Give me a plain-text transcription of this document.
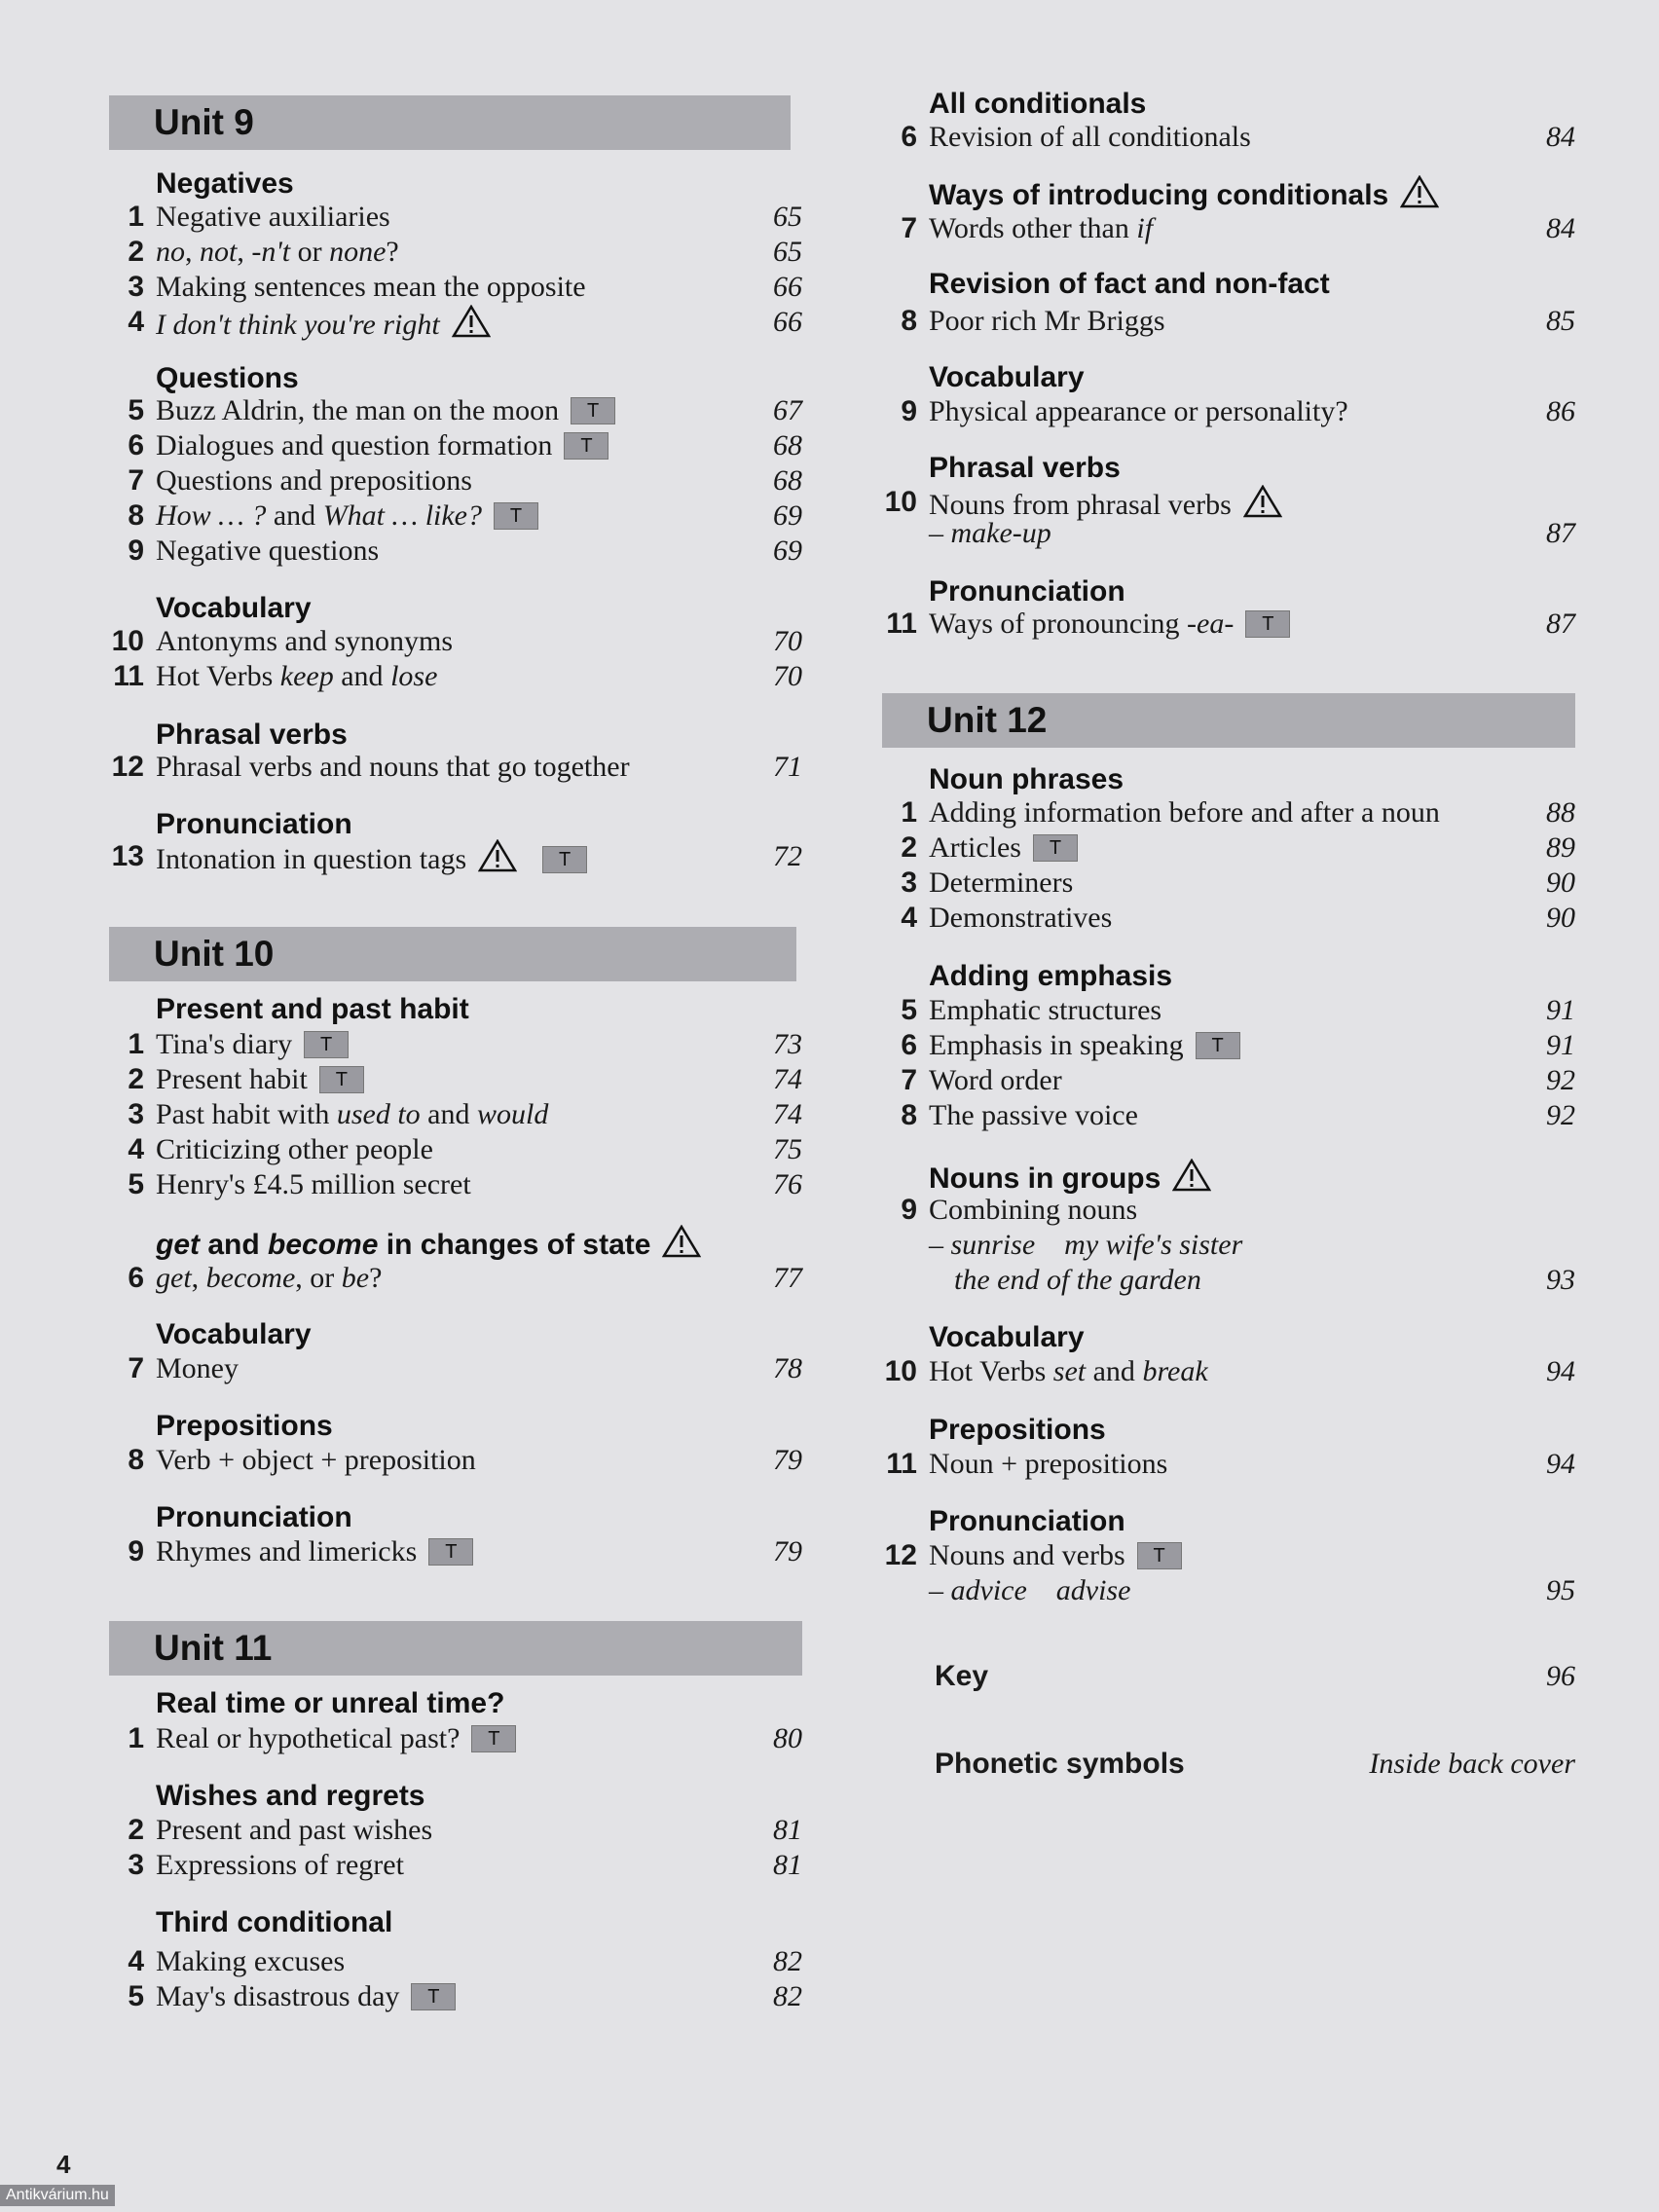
Unit 9
Negatives
1 Negative auxiliaries	65
2 no, not, -n't or none?	65
3 Making sentences mean the opposite	66
4 I don't think you're right	66
Questions
5 Buzz Aldrin, the man on the moon T	67
6 Dialogues and question formation T	68
7 Questions and prepositions	68
8 How … ? and What … like? T	69
9 Negative questions	69
Vocabulary
10 Antonyms and synonyms	70
11 Hot Verbs keep and lose	70
Phrasal verbs
12 Phrasal verbs and nouns that go together	71
Pronunciation
13 Intonation in question tags	T	72
Unit 10
Present and past habit
1 Tina's diary T	73
2 Present habit T	74
3 Past habit with used to and would	74
4 Criticizing other people	75
5 Henry's £4.5 million secret	76
get and become in changes of state
6 get, become, or be?	77
Vocabulary
7 Money	78
Prepositions
8 Verb + object + preposition	79
Pronunciation
9 Rhymes and limericks T	79
Unit 11
Real time or unreal time?
1 Real or hypothetical past? T	80
Wishes and regrets
2 Present and past wishes	81
3 Expressions of regret	81
Third conditional
4 Making excuses	82
5 May's disastrous day T	82
All conditionals
6 Revision of all conditionals	84
Ways of introducing conditionals
7 Words other than if	84
Revision of fact and non-fact
8 Poor rich Mr Briggs	85
Vocabulary
9 Physical appearance or personality?	86
Phrasal verbs
10 Nouns from phrasal verbs
– make-up	87
Pronunciation
11 Ways of pronouncing -ea- T	87
Unit 12
Noun phrases
1 Adding information before and after a noun	88
2 Articles T	89
3 Determiners	90
4 Demonstratives	90
Adding emphasis
5 Emphatic structures	91
6 Emphasis in speaking T	91
7 Word order	92
8 The passive voice	92
Nouns in groups
9 Combining nouns
– sunrise    my wife's sister
the end of the garden	93
Vocabulary
10 Hot Verbs set and break	94
Prepositions
11 Noun + prepositions	94
Pronunciation
12 Nouns and verbs T
– advice    advise	95
Key	96
Phonetic symbols	Inside back cover
4
Antikvárium.hu
